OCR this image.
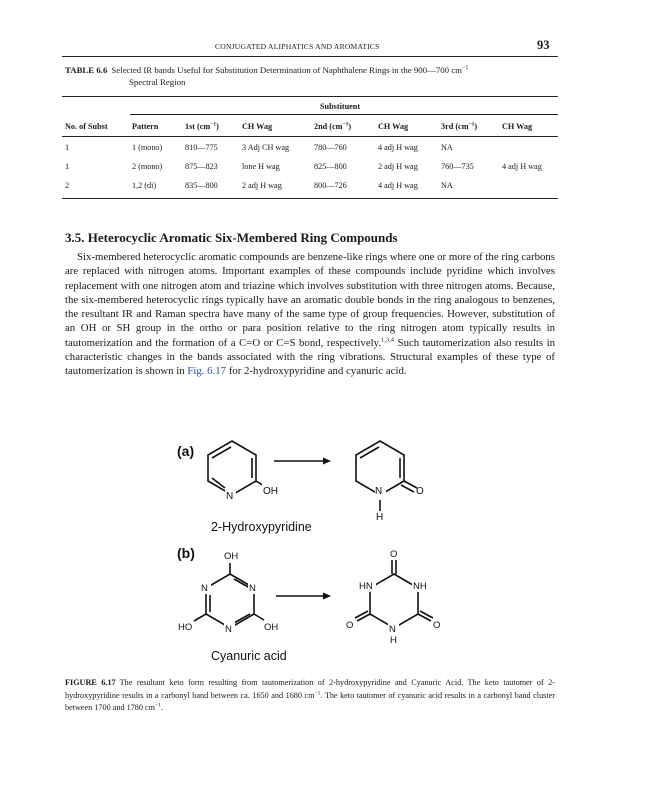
CONJUGATED ALIPHATICS AND AROMATICS	93
TABLE 6.6 Selected IR bands Useful for Substitution Determination of Naphthalene Rings in the 900—700 $cm^{-1}$
Spectral Region
Substituent
No. of Subst	Pattern	1st $(cm^{-1})$	CH Wag	2nd $(cm^{-1})$	CH Wag	3rd $(cm^{-1})$	CH Wag
1	1 (mono)	810—775	3 Adj CH wag	780—760	4 adj H wag	NA
1	2 (mono)	875—823	lone H wag	825—800	2 adj H wag	760—735	4 adj H wag
2	1,2 (di)	835—800	2 adj H wag	800—726	4 adj H wag	NA
3.5. Heterocyclic Aromatic Six-Membered Ring Compounds
Six-membered heterocyclic aromatic compounds are benzene-like rings where one or more of the ring carbons are replaced with nitrogen atoms. Important examples of these compounds include pyridine which involves replacement with one nitrogen atom and triazine which involves substitution with three nitrogen atoms. Because, the six-membered heterocyclic rings typically have an aromatic double bonds in the ring analogous to benzenes, the resultant IR and Raman spectra have many of the same type of group frequencies. However, substitution of an OH or SH group in the ortho or para position relative to the ring nitrogen atom typically results in tautomerization and the formation of a C=O or C=S bond, respectively.$^{1,3,4}$ Such tautomerization also results in characteristic changes in the bands associated with the ring vibrations. Structural examples of these type of tautomerization is shown in Fig. 6.17 for 2-hydroxypyridine and cyanuric acid.
(a)
N	OH	N	O
H
2-Hydroxypyridine
(b)	OH
N	N
N
HO	OH
O
HN	NH
N
H
O	O
Cyanuric acid
FIGURE 6.17 The resultant keto form resulting from tautomerization of 2-hydroxypyridine and Cyanuric Acid. The keto tautomer of 2-hydroxypyridine results in a carbonyl band between ca. 1650 and 1680 $cm^{-1}$. The keto tautomer of cyanuric acid results in a carbonyl band cluster between 1700 and 1780 $cm^{-1}$.
